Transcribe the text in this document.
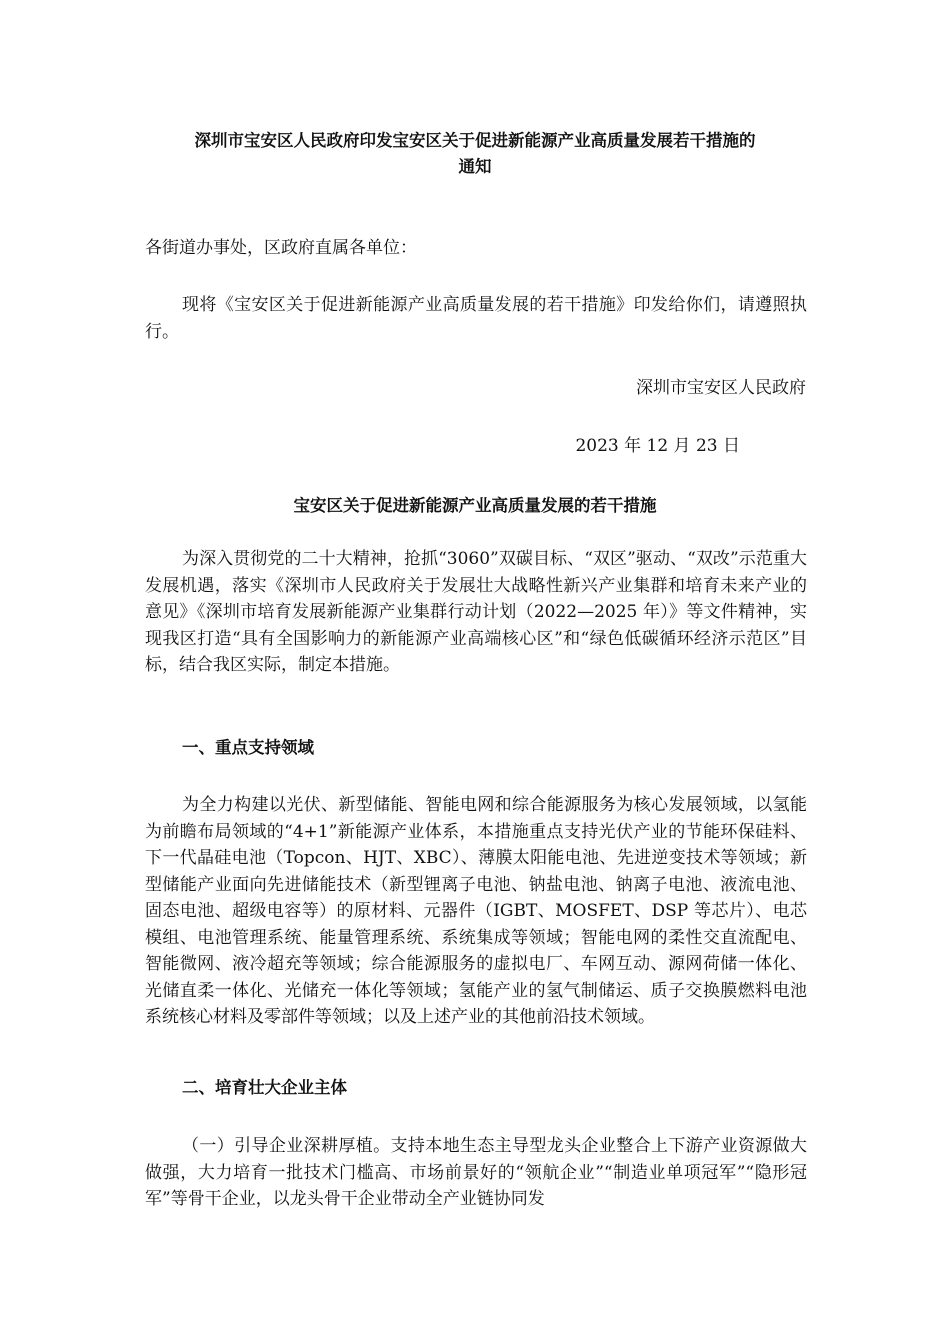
深圳市宝安区人民政府印发宝安区关于促进新能源产业高质量发展若干措施的
通知

各街道办事处，区政府直属各单位：

现将《宝安区关于促进新能源产业高质量发展的若干措施》印发给你们，请遵照执行。

深圳市宝安区人民政府

2023 年 12 月 23 日

宝安区关于促进新能源产业高质量发展的若干措施

为深入贯彻党的二十大精神，抢抓“3060”双碳目标、“双区”驱动、“双改”示范重大发展机遇，落实《深圳市人民政府关于发展壮大战略性新兴产业集群和培育未来产业的意见》《深圳市培育发展新能源产业集群行动计划（2022—2025 年）》等文件精神，实现我区打造“具有全国影响力的新能源产业高端核心区”和“绿色低碳循环经济示范区”目标，结合我区实际，制定本措施。

一、重点支持领域

为全力构建以光伏、新型储能、智能电网和综合能源服务为核心发展领域，以氢能为前瞻布局领域的“4+1”新能源产业体系，本措施重点支持光伏产业的节能环保硅料、下一代晶硅电池（Topcon、HJT、XBC）、薄膜太阳能电池、先进逆变技术等领域；新型储能产业面向先进储能技术（新型锂离子电池、钠盐电池、钠离子电池、液流电池、固态电池、超级电容等）的原材料、元器件（IGBT、MOSFET、DSP 等芯片）、电芯模组、电池管理系统、能量管理系统、系统集成等领域；智能电网的柔性交直流配电、智能微网、液冷超充等领域；综合能源服务的虚拟电厂、车网互动、源网荷储一体化、光储直柔一体化、光储充一体化等领域；氢能产业的氢气制储运、质子交换膜燃料电池系统核心材料及零部件等领域；以及上述产业的其他前沿技术领域。

二、培育壮大企业主体

（一）引导企业深耕厚植。支持本地生态主导型龙头企业整合上下游产业资源做大做强，大力培育一批技术门槛高、市场前景好的“领航企业”“制造业单项冠军”“隐形冠军”等骨干企业，以龙头骨干企业带动全产业链协同发
